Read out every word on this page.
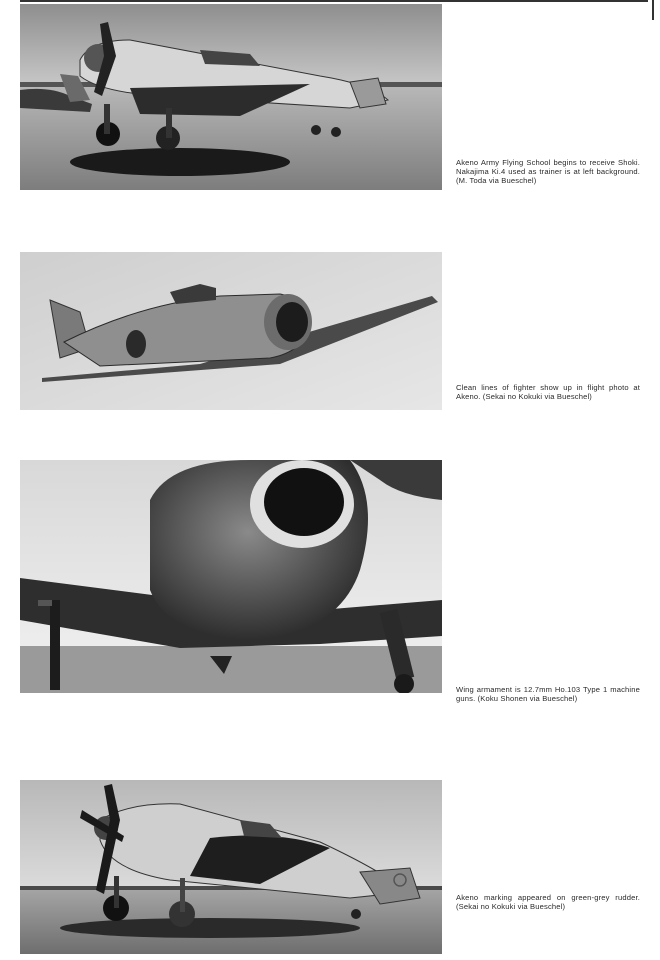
Akeno Army Flying School begins to receive Shoki. Nakajima Ki.4 used as trainer is at left background. (M. Toda via Bueschel)
Clean lines of fighter show up in flight photo at Akeno. (Sekai no Kokuki via Bueschel)
Wing armament is 12.7mm Ho.103 Type 1 machine guns. (Koku Shonen via Bueschel)
Akeno marking appeared on green-grey rudder. (Sekai no Kokuki via Bueschel)
